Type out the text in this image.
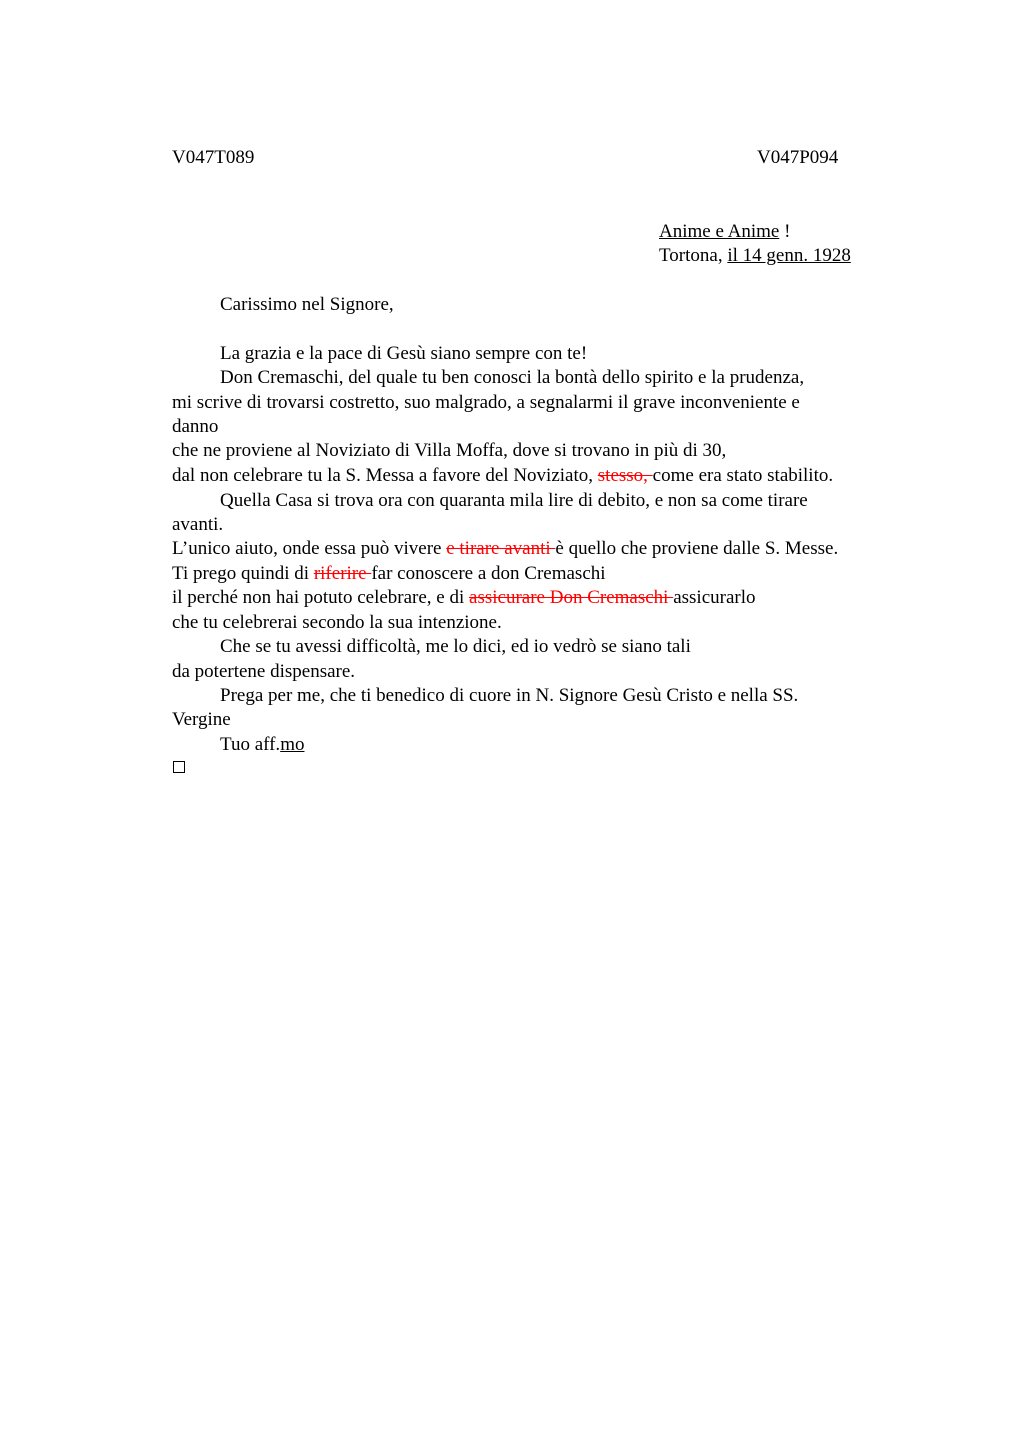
V047T089	V047P094
Anime e Anime !
Tortona, il 14 genn. 1928
Carissimo nel Signore,
La grazia e la pace di Gesù siano sempre con te!
Don Cremaschi, del quale tu ben conosci la bontà dello spirito e la prudenza,
mi scrive di trovarsi costretto, suo malgrado, a segnalarmi il grave inconveniente e
danno
che ne proviene al Noviziato di Villa Moffa, dove si trovano in più di 30,
dal non celebrare tu la S. Messa a favore del Noviziato, stesso, come era stato stabilito.
Quella Casa si trova ora con quaranta mila lire di debito, e non sa come tirare
avanti.
L’unico aiuto, onde essa può vivere e tirare avanti è quello che proviene dalle S. Messe.
Ti prego quindi di riferire far conoscere a don Cremaschi
il perché non hai potuto celebrare, e di assicurare Don Cremaschi assicurarlo
che tu celebrerai secondo la sua intenzione.
Che se tu avessi difficoltà, me lo dici, ed io vedrò se siano tali
da potertene dispensare.
Prega per me, che ti benedico di cuore in N. Signore Gesù Cristo e nella SS.
Vergine
Tuo aff.mo
